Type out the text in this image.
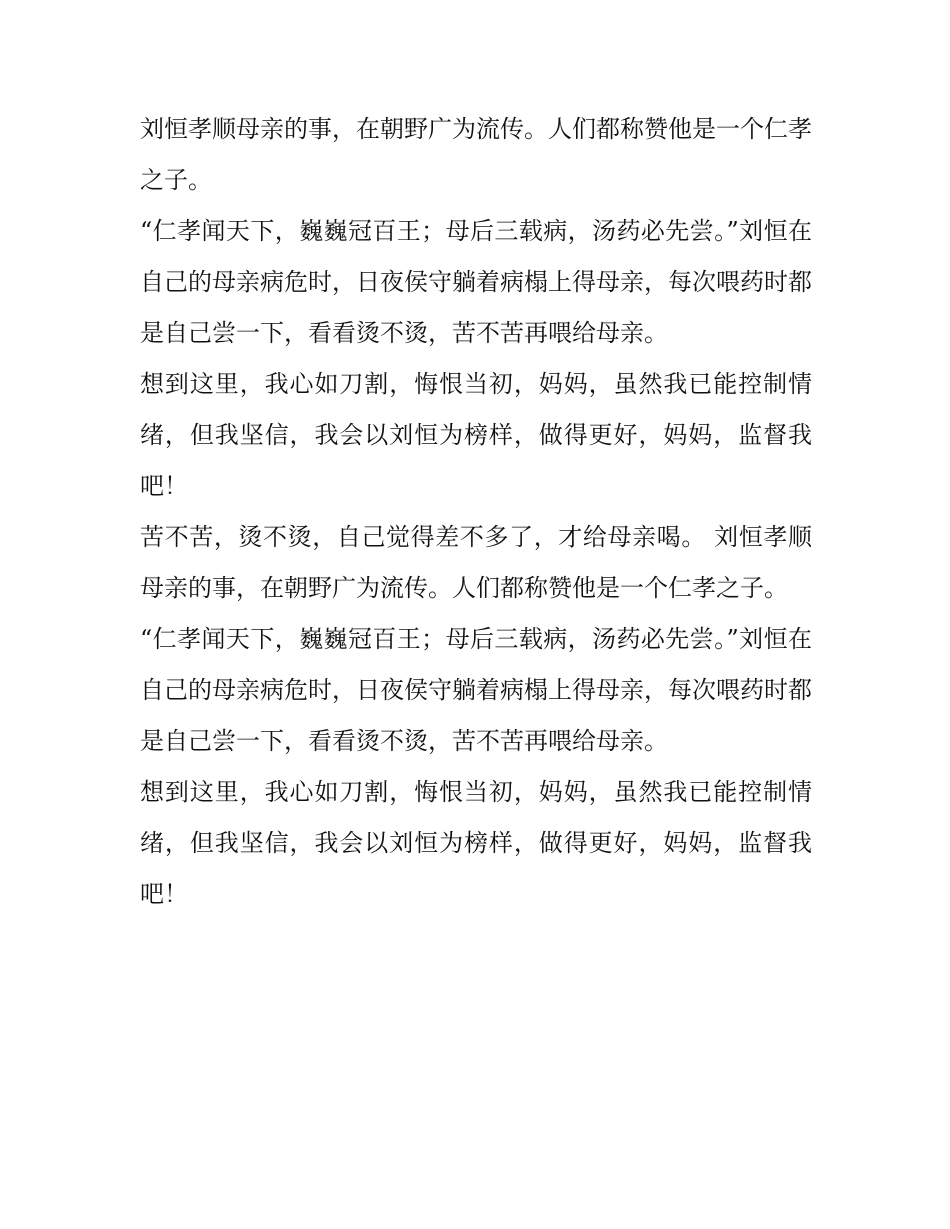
刘恒孝顺母亲的事，在朝野广为流传。人们都称赞他是一个仁孝之子。

“仁孝闻天下，巍巍冠百王；母后三载病，汤药必先尝。”刘恒在自己的母亲病危时，日夜侯守躺着病榻上得母亲，每次喂药时都是自己尝一下，看看烫不烫，苦不苦再喂给母亲。

想到这里，我心如刀割，悔恨当初，妈妈，虽然我已能控制情绪，但我坚信，我会以刘恒为榜样，做得更好，妈妈，监督我吧！

苦不苦，烫不烫，自己觉得差不多了，才给母亲喝。 刘恒孝顺母亲的事，在朝野广为流传。人们都称赞他是一个仁孝之子。

“仁孝闻天下，巍巍冠百王；母后三载病，汤药必先尝。”刘恒在自己的母亲病危时，日夜侯守躺着病榻上得母亲，每次喂药时都是自己尝一下，看看烫不烫，苦不苦再喂给母亲。

想到这里，我心如刀割，悔恨当初，妈妈，虽然我已能控制情绪，但我坚信，我会以刘恒为榜样，做得更好，妈妈，监督我吧！
